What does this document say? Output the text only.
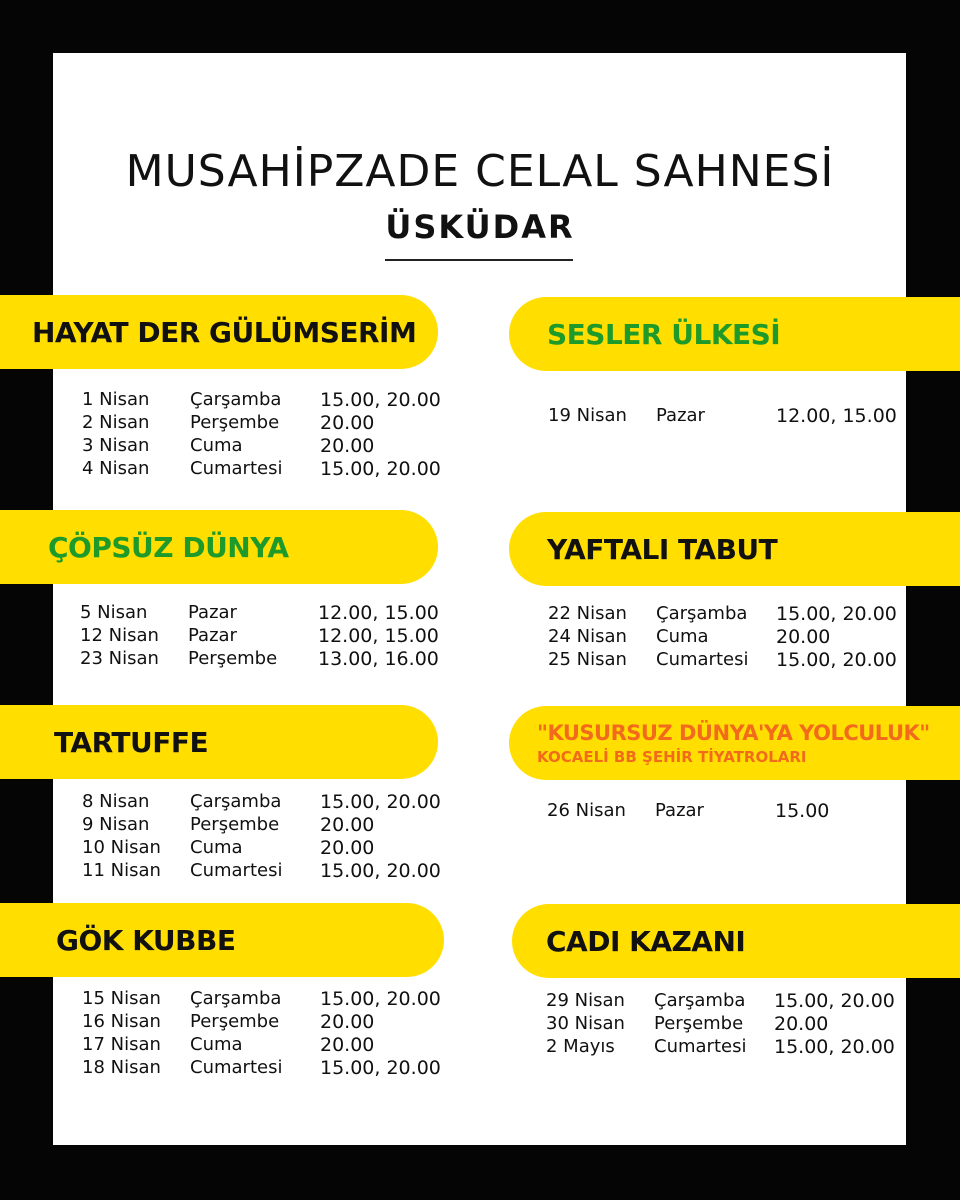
MUSAHİPZADE CELAL SAHNESİ
ÜSKÜDAR
HAYAT DER GÜLÜMSERİM
1 Nisan Çarşamba 15.00, 20.00
2 Nisan Perşembe 20.00
3 Nisan Cuma	20.00
4 Nisan Cumartesi 15.00, 20.00
SESLER ÜLKESİ
19 Nisan Pazar	12.00, 15.00
ÇÖPSÜZ DÜNYA
5 Nisan Pazar	12.00, 15.00
12 Nisan Pazar	12.00, 15.00
23 Nisan Perşembe 13.00, 16.00
YAFTALI TABUT
22 Nisan Çarşamba 15.00, 20.00
24 Nisan Cuma	20.00
25 Nisan Cumartesi 15.00, 20.00
TARTUFFE
8 Nisan Çarşamba 15.00, 20.00
9 Nisan Perşembe 20.00
10 Nisan Cuma	20.00
11 Nisan Cumartesi 15.00, 20.00
"KUSURSUZ DÜNYA'YA YOLCULUK"
KOCAELİ BB ŞEHİR TİYATROLARI
26 Nisan Pazar	15.00
GÖK KUBBE
15 Nisan Çarşamba 15.00, 20.00
16 Nisan Perşembe 20.00
17 Nisan Cuma	20.00
18 Nisan Cumartesi 15.00, 20.00
CADI KAZANI
29 Nisan Çarşamba 15.00, 20.00
30 Nisan Perşembe 20.00
2 Mayıs Cumartesi 15.00, 20.00
